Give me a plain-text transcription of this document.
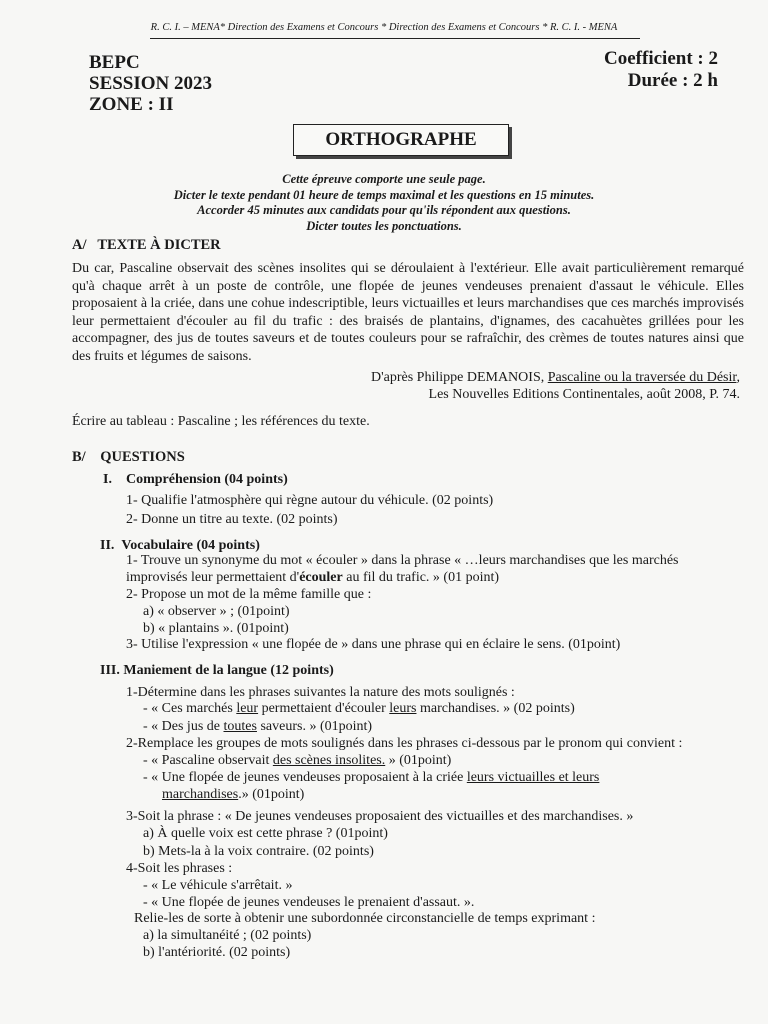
R. C. I. – MENA* Direction des Examens et Concours * Direction des Examens et Concours * R. C. I. - MENA
BEPC
SESSION 2023
ZONE : II
Coefficient : 2
Durée : 2 h
ORTHOGRAPHE
Cette épreuve comporte une seule page.
Dicter le texte pendant 01 heure de temps maximal et les questions en 15 minutes.
Accorder 45 minutes aux candidats pour qu'ils répondent aux questions.
Dicter toutes les ponctuations.
A/ TEXTE À DICTER
Du car, Pascaline observait des scènes insolites qui se déroulaient à l'extérieur. Elle avait particulièrement remarqué qu'à chaque arrêt à un poste de contrôle, une flopée de jeunes vendeuses prenaient d'assaut le véhicule. Elles proposaient à la criée, dans une cohue indescriptible, leurs victuailles et leurs marchandises que ces marchés improvisés leur permettaient d'écouler au fil du trafic : des braisés de plantains, d'ignames, des cacahuètes grillées pour les accompagner, des jus de toutes saveurs et de toutes couleurs pour se rafraîchir, des crèmes de toutes natures ainsi que des fruits et légumes de saisons.
D'après Philippe DEMANOIS, Pascaline ou la traversée du Désir,
Les Nouvelles Editions Continentales, août 2008, P. 74.
Écrire au tableau : Pascaline ; les références du texte.
B/ QUESTIONS
I. Compréhension (04 points)
1- Qualifie l'atmosphère qui règne autour du véhicule. (02 points)
2- Donne un titre au texte. (02 points)
II. Vocabulaire (04 points)
1- Trouve un synonyme du mot « écouler » dans la phrase « …leurs marchandises que les marchés
improvisés leur permettaient d'écouler au fil du trafic. » (01 point)
2- Propose un mot de la même famille que :
a) « observer » ; (01point)
b) « plantains ». (01point)
3- Utilise l'expression « une flopée de » dans une phrase qui en éclaire le sens. (01point)
III. Maniement de la langue (12 points)
1-Détermine dans les phrases suivantes la nature des mots soulignés :
- « Ces marchés leur permettaient d'écouler leurs marchandises. » (02 points)
- « Des jus de toutes saveurs. » (01point)
2-Remplace les groupes de mots soulignés dans les phrases ci-dessous par le pronom qui convient :
- « Pascaline observait des scènes insolites. » (01point)
- « Une flopée de jeunes vendeuses proposaient à la criée leurs victuailles et leurs
marchandises.» (01point)
3-Soit la phrase : « De jeunes vendeuses proposaient des victuailles et des marchandises. »
a) À quelle voix est cette phrase ? (01point)
b) Mets-la à la voix contraire. (02 points)
4-Soit les phrases :
- « Le véhicule s'arrêtait. »
- « Une flopée de jeunes vendeuses le prenaient d'assaut. ».
Relie-les de sorte à obtenir une subordonnée circonstancielle de temps exprimant :
a) la simultanéité ; (02 points)
b) l'antériorité. (02 points)
